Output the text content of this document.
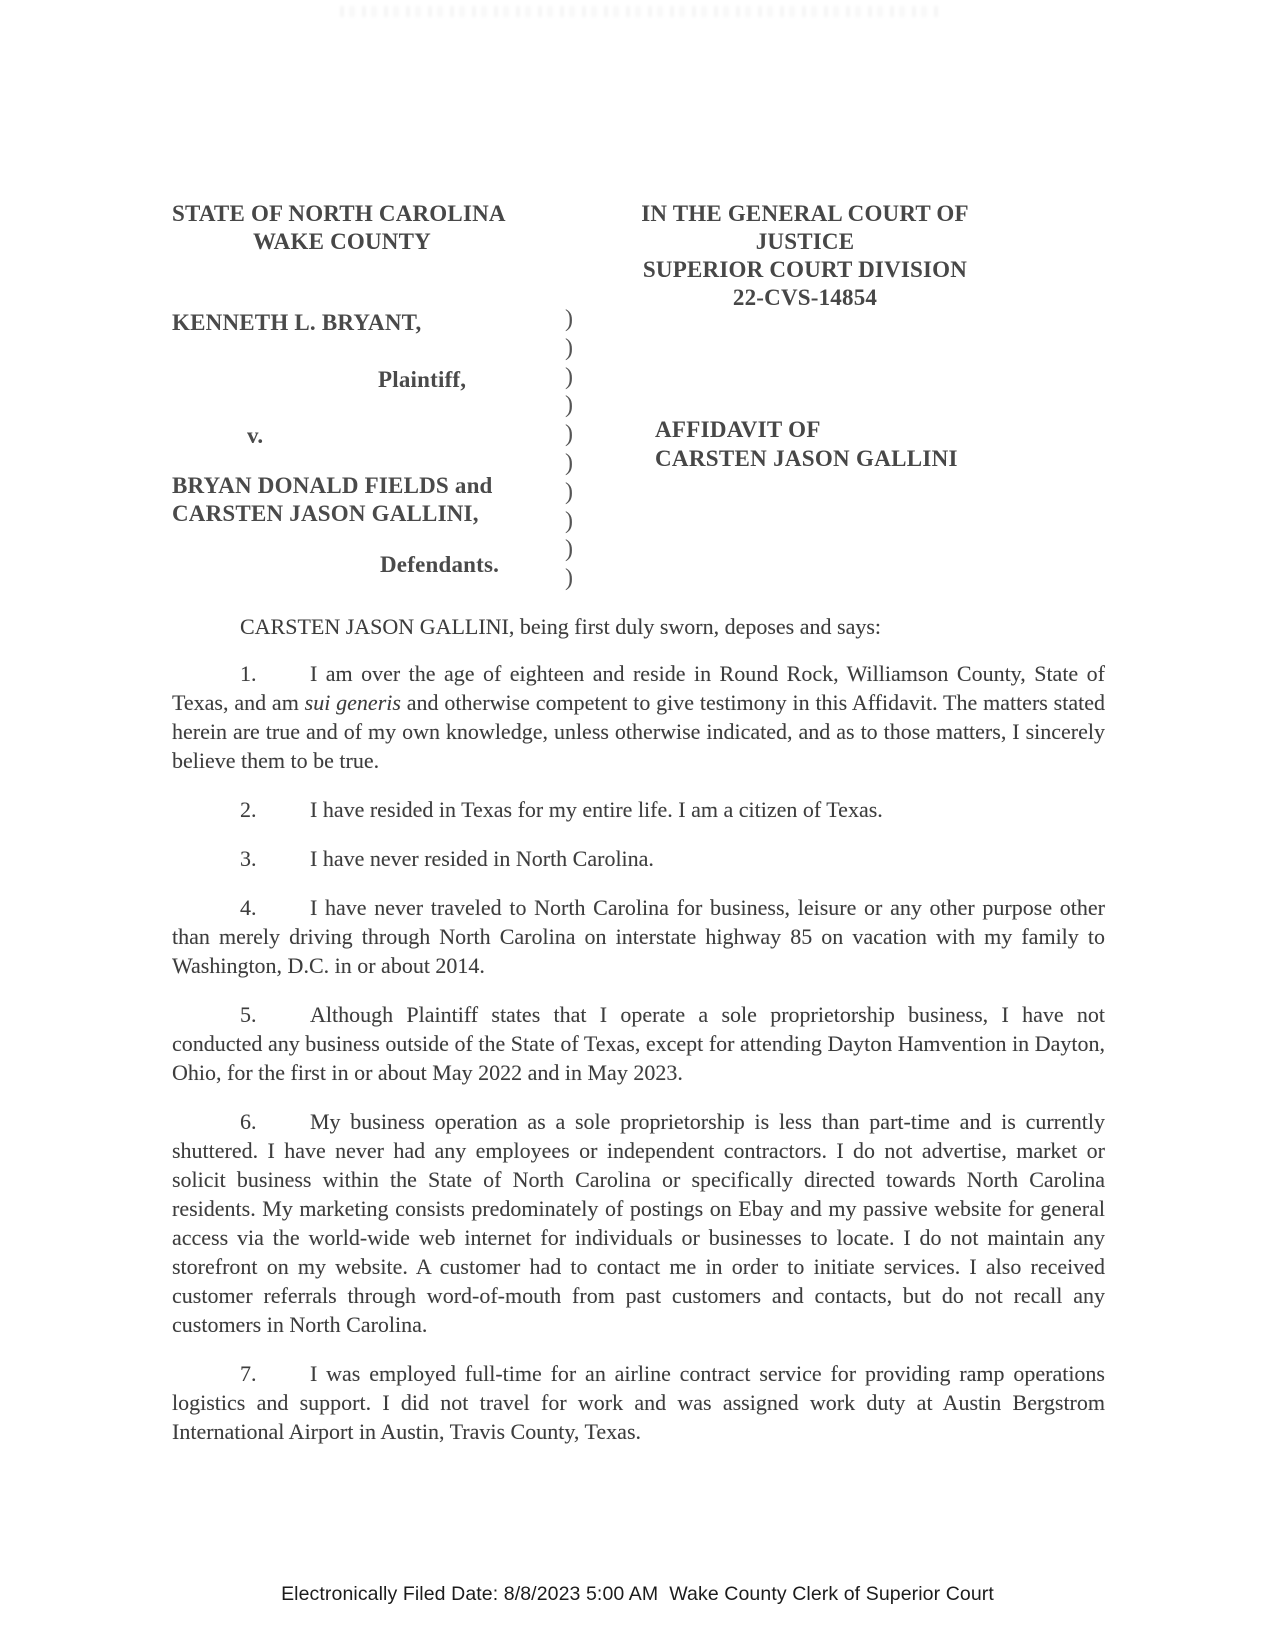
STATE OF NORTH CAROLINA
WAKE COUNTY
IN THE GENERAL COURT OF JUSTICE
SUPERIOR COURT DIVISION
22-CVS-14854
KENNETH L. BRYANT,
Plaintiff,
v.
BRYAN DONALD FIELDS and
CARSTEN JASON GALLINI,
Defendants.
)
)
)
)
)
)
)
)
)
)
AFFIDAVIT OF
CARSTEN JASON GALLINI

CARSTEN JASON GALLINI, being first duly sworn, deposes and says:

1. I am over the age of eighteen and reside in Round Rock, Williamson County, State of Texas, and am sui generis and otherwise competent to give testimony in this Affidavit. The matters stated herein are true and of my own knowledge, unless otherwise indicated, and as to those matters, I sincerely believe them to be true.

2. I have resided in Texas for my entire life. I am a citizen of Texas.

3. I have never resided in North Carolina.

4. I have never traveled to North Carolina for business, leisure or any other purpose other than merely driving through North Carolina on interstate highway 85 on vacation with my family to Washington, D.C. in or about 2014.

5. Although Plaintiff states that I operate a sole proprietorship business, I have not conducted any business outside of the State of Texas, except for attending Dayton Hamvention in Dayton, Ohio, for the first in or about May 2022 and in May 2023.

6. My business operation as a sole proprietorship is less than part-time and is currently shuttered. I have never had any employees or independent contractors. I do not advertise, market or solicit business within the State of North Carolina or specifically directed towards North Carolina residents. My marketing consists predominately of postings on Ebay and my passive website for general access via the world-wide web internet for individuals or businesses to locate. I do not maintain any storefront on my website. A customer had to contact me in order to initiate services. I also received customer referrals through word-of-mouth from past customers and contacts, but do not recall any customers in North Carolina.

7. I was employed full-time for an airline contract service for providing ramp operations logistics and support. I did not travel for work and was assigned work duty at Austin Bergstrom International Airport in Austin, Travis County, Texas.

Electronically Filed Date: 8/8/2023 5:00 AM  Wake County Clerk of Superior Court
